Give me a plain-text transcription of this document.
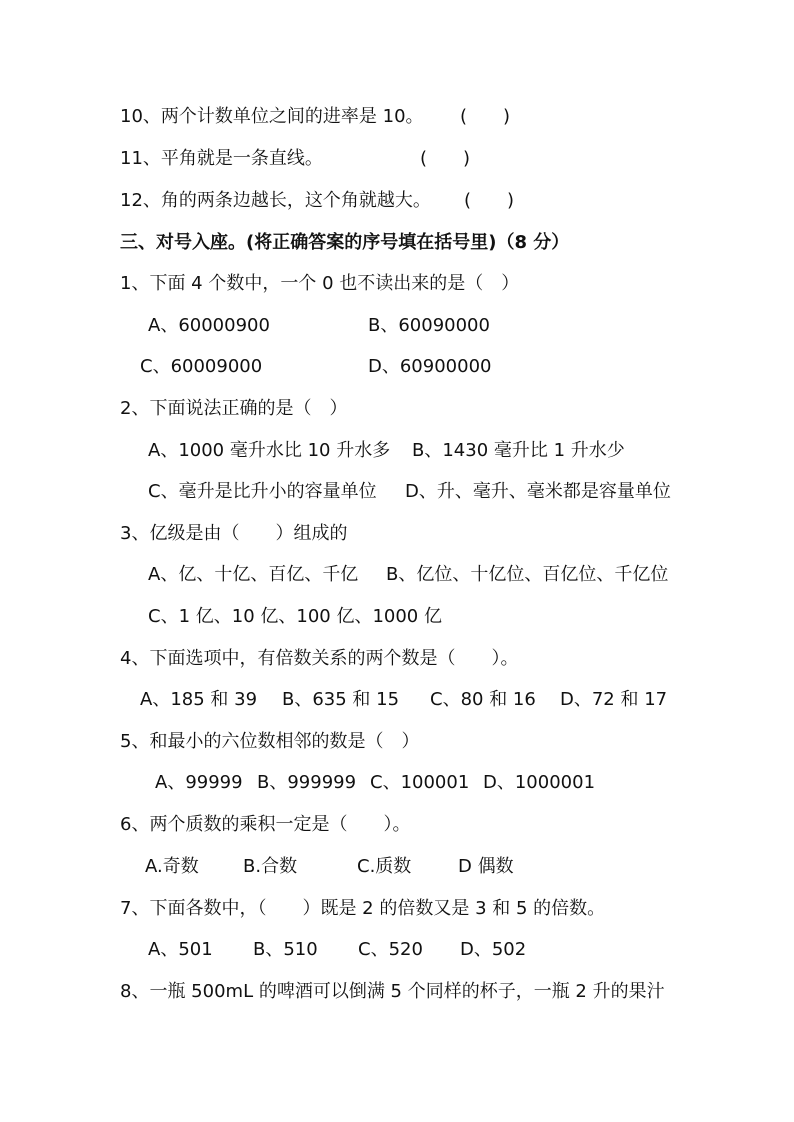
10、两个计数单位之间的进率是 10。 (　　)
11、平角就是一条直线。	(　　)
12、角的两条边越长，这个角就越大。 (　　)
三、对号入座。(将正确答案的序号填在括号里)（8 分）
1、下面 4 个数中，一个 0 也不读出来的是（　）
A、60000900	B、60090000
C、60009000	D、60900000
2、下面说法正确的是（　）
A、1000 毫升水比 10 升水多 B、1430 毫升比 1 升水少
C、毫升是比升小的容量单位 D、升、毫升、毫米都是容量单位
3、亿级是由（　　）组成的
A、亿、十亿、百亿、千亿 B、亿位、十亿位、百亿位、千亿位
C、1 亿、10 亿、100 亿、1000 亿
4、下面选项中，有倍数关系的两个数是（　　）。
A、185 和 39 B、635 和 15 C、80 和 16 D、72 和 17
5、和最小的六位数相邻的数是（　）
A、99999 B、999999 C、100001 D、1000001
6、两个质数的乘积一定是（　　）。
A.奇数 B.合数	C.质数	D 偶数
7、下面各数中，（　　）既是 2 的倍数又是 3 和 5 的倍数。
A、501 B、510 C、520 D、502
8、一瓶 500mL 的啤酒可以倒满 5 个同样的杯子，一瓶 2 升的果汁
